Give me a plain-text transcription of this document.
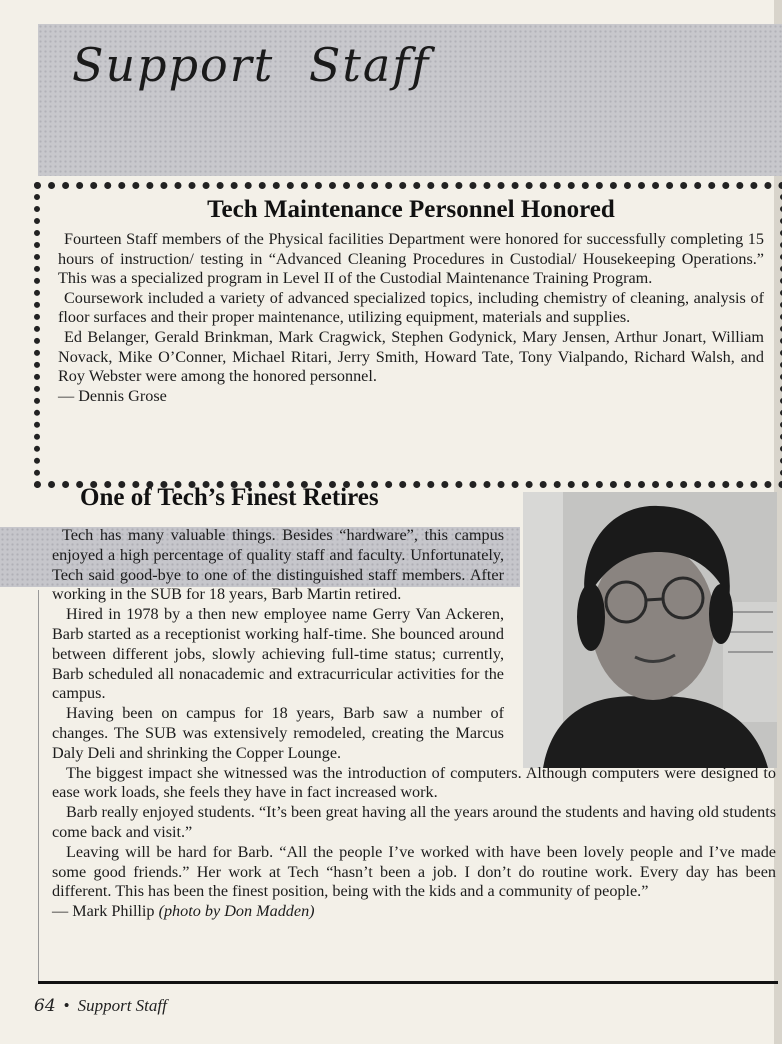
Support Staff
Tech Maintenance Personnel Honored

Fourteen Staff members of the Physical facilities Department were honored for successfully completing 15 hours of instruction/ testing in “Advanced Cleaning Procedures in Custodial/ Housekeeping Operations.” This was a specialized program in Level II of the Custodial Maintenance Training Program.

Coursework included a variety of advanced specialized topics, including chemistry of cleaning, analysis of floor surfaces and their proper maintenance, utilizing equipment, materials and supplies.

Ed Belanger, Gerald Brinkman, Mark Cragwick, Stephen Godynick, Mary Jensen, Arthur Jonart, William Novack, Mike O’Conner, Michael Ritari, Jerry Smith, Howard Tate, Tony Vialpando, Richard Walsh, and Roy Webster were among the honored personnel.

— Dennis Grose

One of Tech’s Finest Retires

Tech has many valuable things. Besides “hardware”, this campus enjoyed a high percentage of quality staff and faculty. Unfortunately, Tech said good-bye to one of the distinguished staff members. After working in the SUB for 18 years, Barb Martin retired.

Hired in 1978 by a then new employee name Gerry Van Ackeren, Barb started as a receptionist working half-time. She bounced around between different jobs, slowly achieving full-time status; currently, Barb scheduled all nonacademic and extracurricular activities for the campus.

Having been on campus for 18 years, Barb saw a number of changes. The SUB was extensively remodeled, creating the Marcus Daly Deli and shrinking the Copper Lounge.

The biggest impact she witnessed was the introduction of computers. Although computers were designed to ease work loads, she feels they have in fact increased work.

Barb really enjoyed students. “It’s been great having all the years around the students and having old students come back and visit.”

Leaving will be hard for Barb. “All the people I’ve worked with have been lovely people and I’ve made some good friends.” Her work at Tech “hasn’t been a job. I don’t do routine work. Every day has been different. This has been the finest position, being with the kids and a community of people.”

— Mark Phillip (photo by Don Madden)

64 • Support Staff
